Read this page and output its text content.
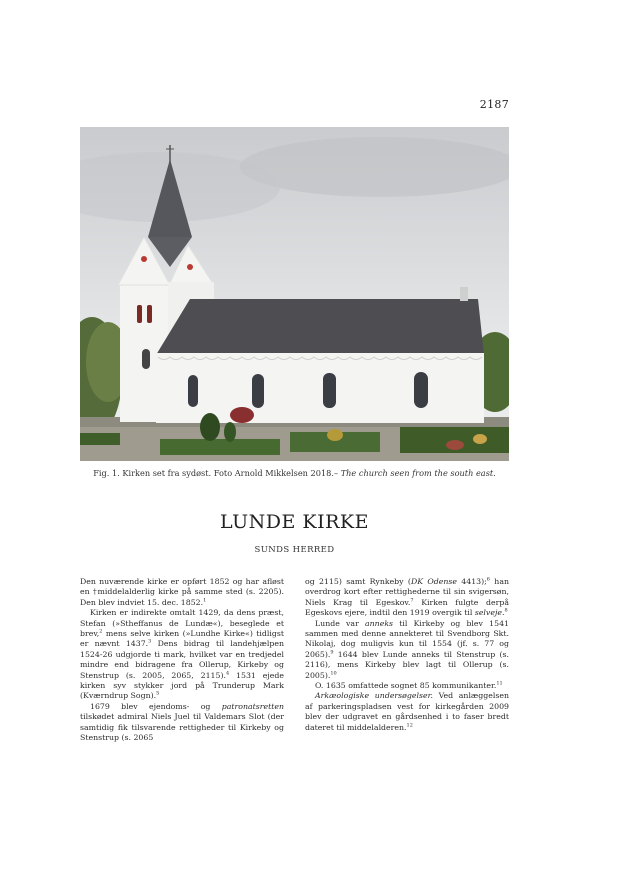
2187
Fig. 1. Kirken set fra sydøst. Foto Arnold Mikkelsen 2018.– The church seen from the south east.
LUNDE KIRKE
SUNDS HERRED

Den nuværende kirke er opført 1852 og har afløst en †middelalderlig kirke på samme sted (s. 2205). Den blev indviet 15. dec. 1852.$^1$

Kirken er indirekte omtalt 1429, da dens præst, Stefan (»Stheffanus de Lundæ«), beseglede et brev,$^2$ mens selve kirken (»Lundhe Kirke«) tidligst er nævnt 1437.$^3$ Dens bidrag til landehjælpen 1524-26 udgjorde ti mark, hvilket var en tredjedel mindre end bidragene fra Ollerup, Kirkeby og Stenstrup (s. 2005, 2065, 2115).$^4$ 1531 ejede kirken syv stykker jord på Trunderup Mark (Kværndrup Sogn).$^5$

1679 blev ejendoms- og patronatsretten tilskødet admiral Niels Juel til Valdemars Slot (der samtidig fik tilsvarende rettigheder til Kirkeby og Stenstrup (s. 2065

og 2115) samt Rynkeby (DK Odense 4413);$^6$ han overdrog kort efter rettighederne til sin svigersøn, Niels Krag til Egeskov.$^7$ Kirken fulgte derpå Egeskovs ejere, indtil den 1919 overgik til selveje.$^8$

Lunde var anneks til Kirkeby og blev 1541 sammen med denne annekteret til Svendborg Skt. Nikolaj, dog muligvis kun til 1554 (jf. s. 77 og 2065).$^9$ 1644 blev Lunde anneks til Stenstrup (s. 2116), mens Kirkeby blev lagt til Ollerup (s. 2005).$^{10}$

O. 1635 omfattede sognet 85 kommunikanter.$^{11}$

Arkæologiske undersøgelser. Ved anlæggelsen af parkeringspladsen vest for kirkegården 2009 blev der udgravet en gårdsenhed i to faser bredt dateret til middelalderen.$^{12}$
